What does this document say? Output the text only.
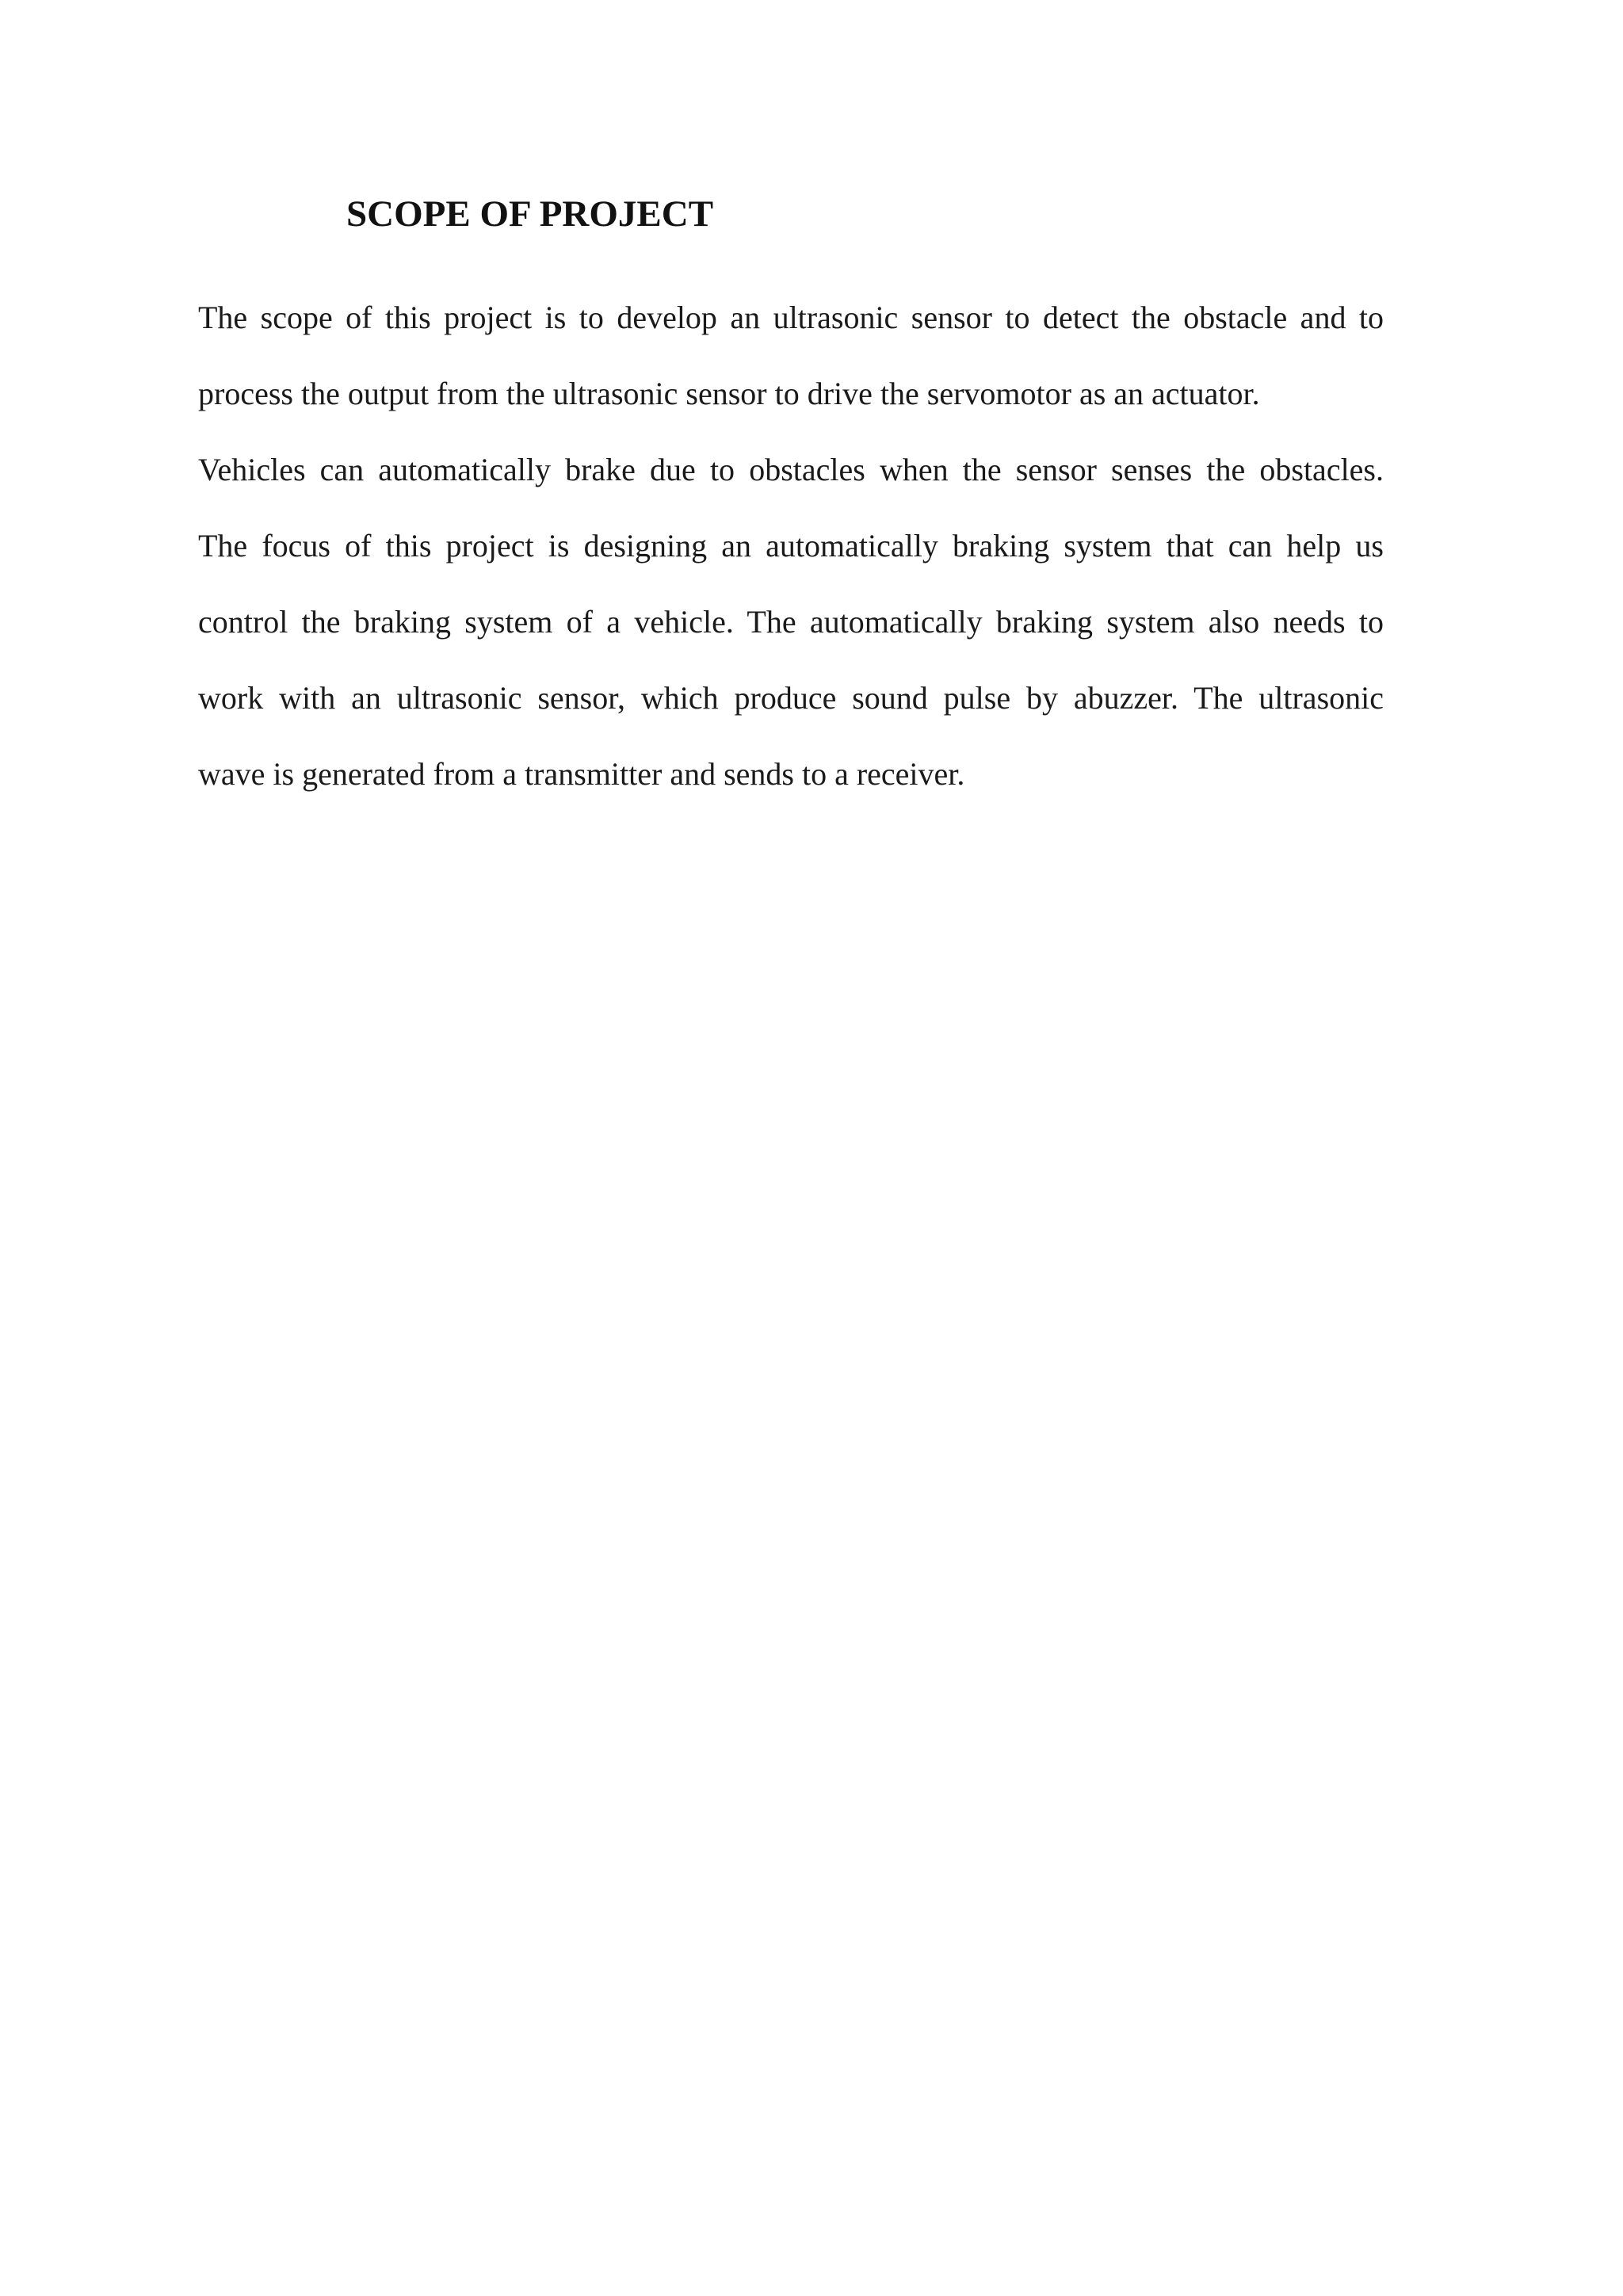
SCOPE OF PROJECT
The scope of this project is to develop an ultrasonic sensor to detect the obstacle and to
process the output from the ultrasonic sensor to drive the servomotor as an actuator.
Vehicles can automatically brake due to obstacles when the sensor senses the obstacles.
The focus of this project is designing an automatically braking system that can help us
control the braking system of a vehicle. The automatically braking system also needs to
work with an ultrasonic sensor, which produce sound pulse by abuzzer. The ultrasonic
wave is generated from a transmitter and sends to a receiver.
